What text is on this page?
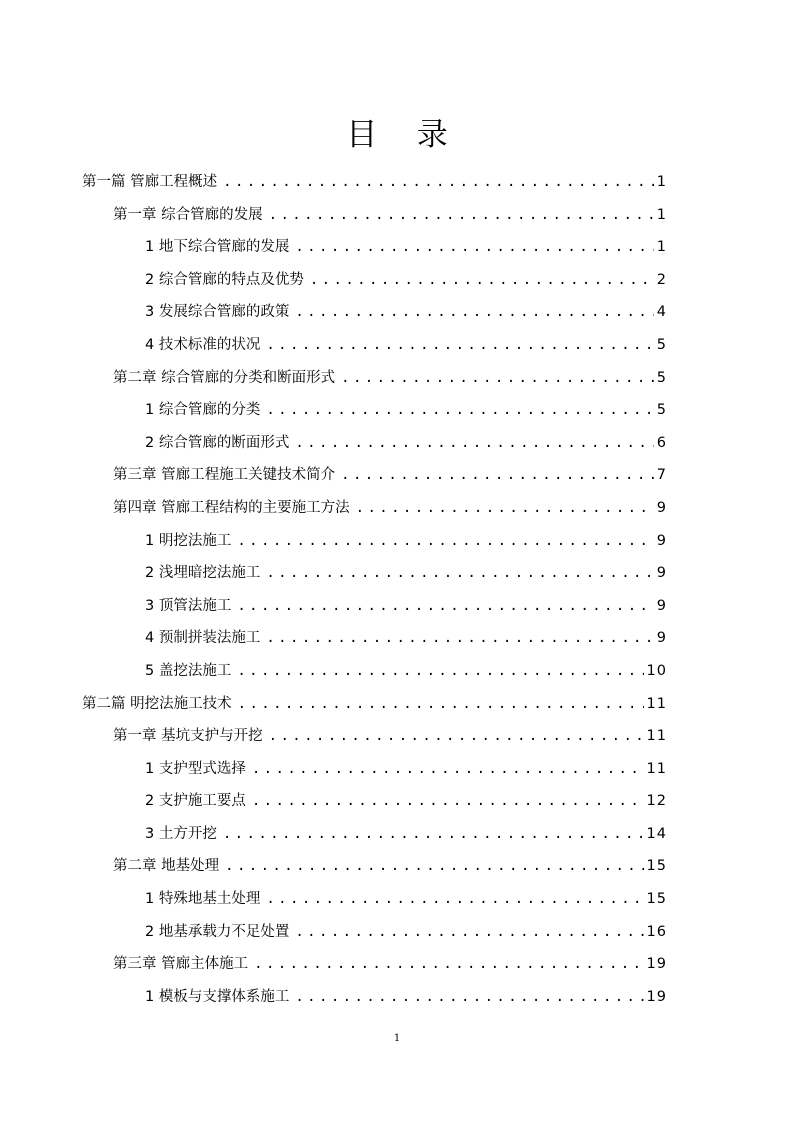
目    录
第一篇 管廊工程概述 .....	1
第一章 综合管廊的发展 .....	1
1 地下综合管廊的发展 .....	1
2 综合管廊的特点及优势 .....	2
3 发展综合管廊的政策 .....	4
4 技术标准的状况 .....	5
第二章 综合管廊的分类和断面形式 .....	5
1 综合管廊的分类 .....	5
2 综合管廊的断面形式 .....	6
第三章 管廊工程施工关键技术简介 .....	7
第四章 管廊工程结构的主要施工方法 .....	9
1 明挖法施工 .....	9
2 浅埋暗挖法施工 .....	9
3 顶管法施工 .....	9
4 预制拼装法施工 .....	9
5 盖挖法施工 .....	10
第二篇 明挖法施工技术 .....	11
第一章 基坑支护与开挖 .....	11
1 支护型式选择 .....	11
2 支护施工要点 .....	12
3 土方开挖 .....	14
第二章 地基处理 .....	15
1 特殊地基土处理 .....	15
2 地基承载力不足处置 .....	16
第三章 管廊主体施工 .....	19
1 模板与支撑体系施工 .....	19
1
